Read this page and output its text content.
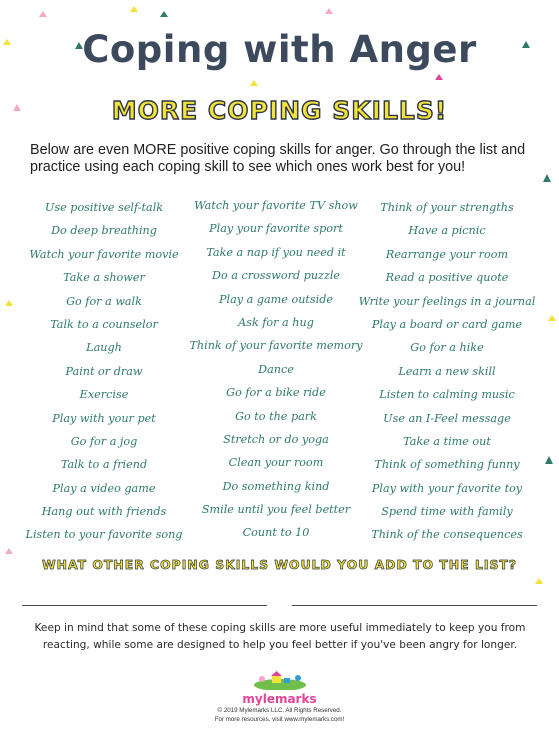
Coping with Anger
MORE COPING SKILLS!

Below are even MORE positive coping skills for anger. Go through the list and practice using each coping skill to see which ones work best for you!

Use positive self-talk
Do deep breathing
Watch your favorite movie
Take a shower
Go for a walk
Talk to a counselor
Laugh
Paint or draw
Exercise
Play with your pet
Go for a jog
Talk to a friend
Play a video game
Hang out with friends
Listen to your favorite song
Watch your favorite TV show
Play your favorite sport
Take a nap if you need it
Do a crossword puzzle
Play a game outside
Ask for a hug
Think of your favorite memory
Dance
Go for a bike ride
Go to the park
Stretch or do yoga
Clean your room
Do something kind
Smile until you feel better
Count to 10
Think of your strengths
Have a picnic
Rearrange your room
Read a positive quote
Write your feelings in a journal
Play a board or card game
Go for a hike
Learn a new skill
Listen to calming music
Use an I-Feel message
Take a time out
Think of something funny
Play with your favorite toy
Spend time with family
Think of the consequences
WHAT OTHER COPING SKILLS WOULD YOU ADD TO THE LIST?

Keep in mind that some of these coping skills are more useful immediately to keep you from reacting, while some are designed to help you feel better if you've been angry for longer.

mylemarks
© 2019 Mylemarks LLC. All Rights Reserved.
For more resources, visit www.mylemarks.com!
